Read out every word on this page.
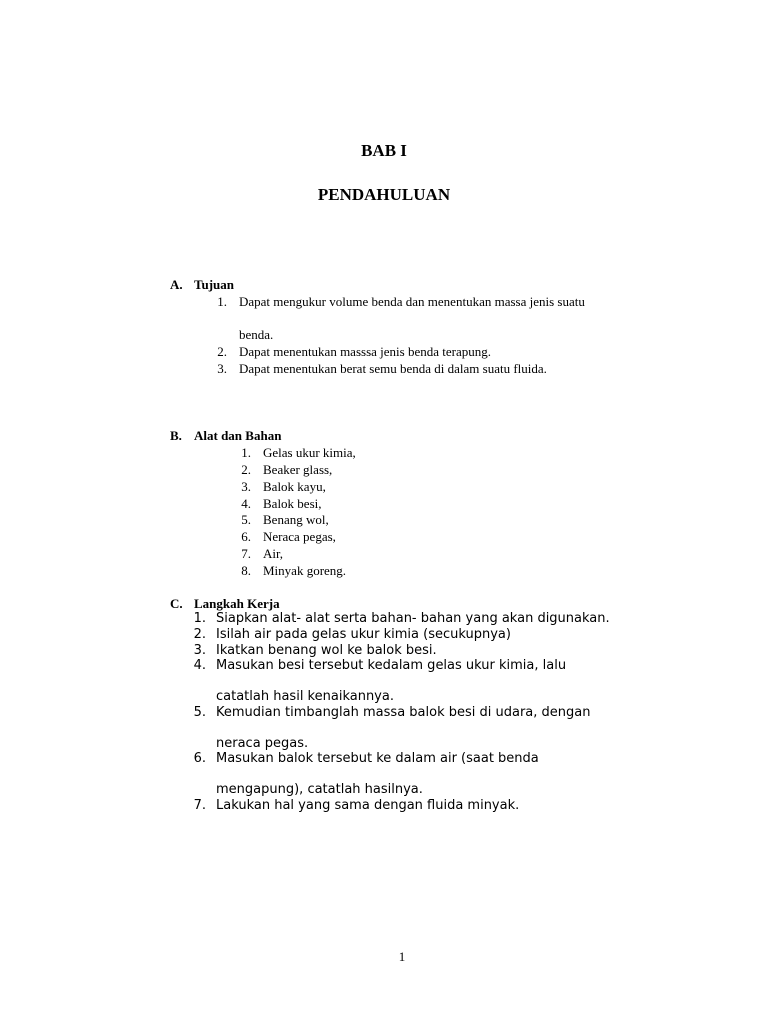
BAB I
PENDAHULUAN
A. Tujuan
1. Dapat mengukur volume benda dan menentukan massa jenis suatu
benda.
2. Dapat menentukan masssa jenis benda terapung.
3. Dapat menentukan berat semu benda di dalam suatu fluida.
B. Alat dan Bahan
1. Gelas ukur kimia,
2. Beaker glass,
3. Balok kayu,
4. Balok besi,
5. Benang wol,
6. Neraca pegas,
7. Air,
8. Minyak goreng.
C. Langkah Kerja
1. Siapkan alat- alat serta bahan- bahan yang akan digunakan.
2. Isilah air pada gelas ukur kimia (secukupnya)
3. Ikatkan benang wol ke balok besi.
4. Masukan besi tersebut kedalam gelas ukur kimia, lalu
catatlah hasil kenaikannya.
5. Kemudian timbanglah massa balok besi di udara, dengan
neraca pegas.
6. Masukan balok tersebut ke dalam air (saat benda
mengapung), catatlah hasilnya.
7. Lakukan hal yang sama dengan fluida minyak.
1
